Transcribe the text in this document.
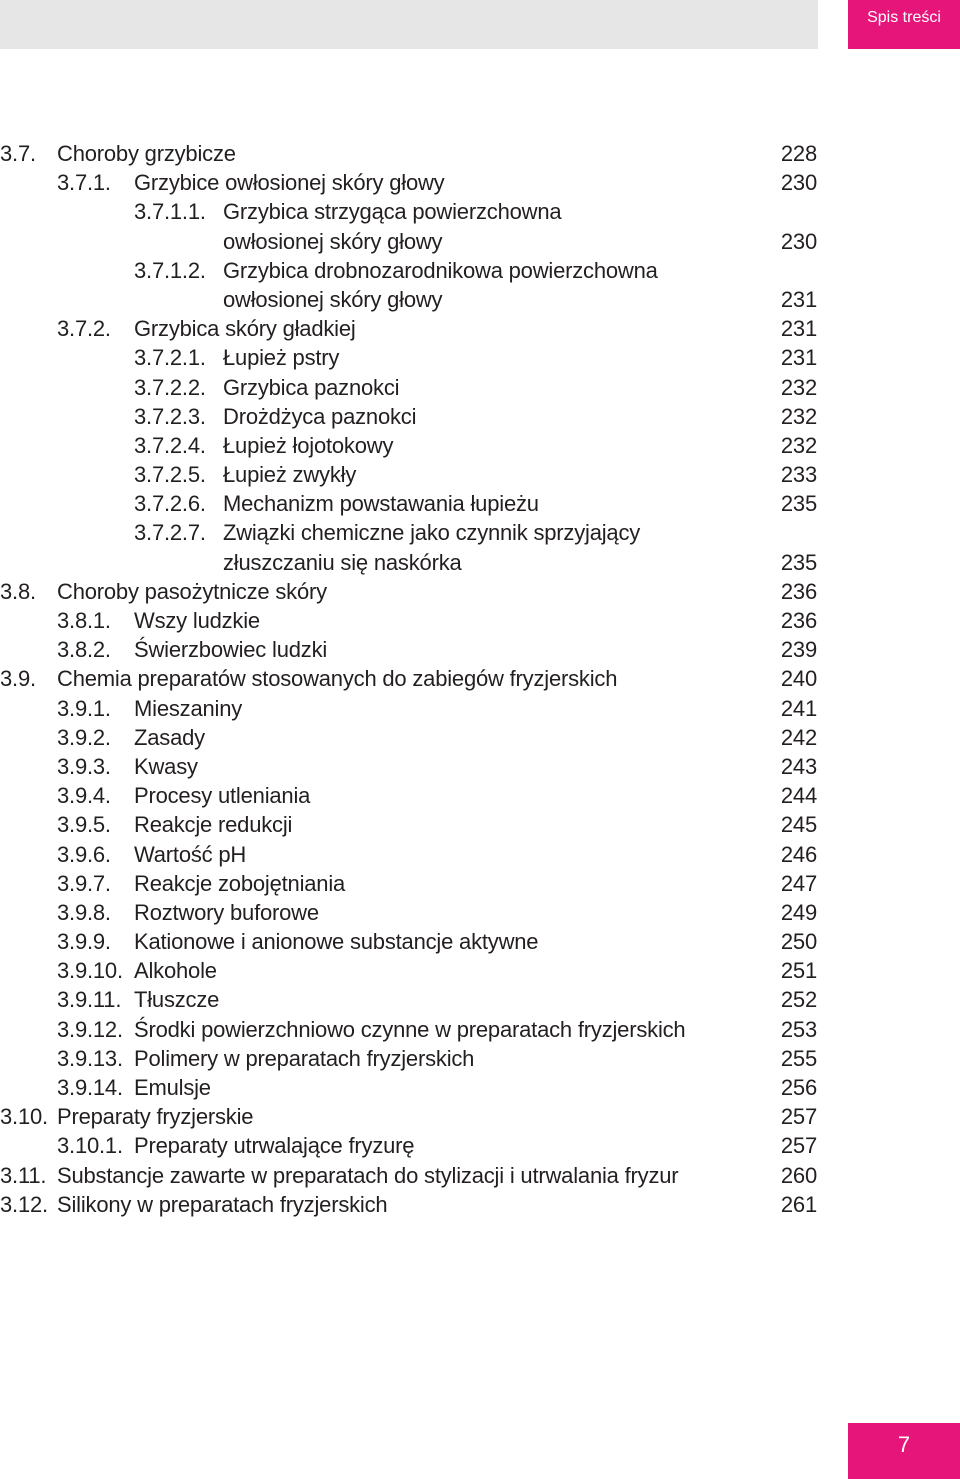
Spis treści
3.7. Choroby grzybicze	228
3.7.1. Grzybice owłosionej skóry głowy	230
3.7.1.1. Grzybica strzygąca powierzchowna
owłosionej skóry głowy	230
3.7.1.2. Grzybica drobnozarodnikowa powierzchowna
owłosionej skóry głowy	231
3.7.2. Grzybica skóry gładkiej	231
3.7.2.1. Łupież pstry	231
3.7.2.2. Grzybica paznokci	232
3.7.2.3. Drożdżyca paznokci	232
3.7.2.4. Łupież łojotokowy	232
3.7.2.5. Łupież zwykły	233
3.7.2.6. Mechanizm powstawania łupieżu	235
3.7.2.7. Związki chemiczne jako czynnik sprzyjający
złuszczaniu się naskórka	235
3.8. Choroby pasożytnicze skóry	236
3.8.1. Wszy ludzkie	236
3.8.2. Świerzbowiec ludzki	239
3.9. Chemia preparatów stosowanych do zabiegów fryzjerskich	240
3.9.1. Mieszaniny	241
3.9.2. Zasady	242
3.9.3. Kwasy	243
3.9.4. Procesy utleniania	244
3.9.5. Reakcje redukcji	245
3.9.6. Wartość pH	246
3.9.7. Reakcje zobojętniania	247
3.9.8. Roztwory buforowe	249
3.9.9. Kationowe i anionowe substancje aktywne	250
3.9.10. Alkohole	251
3.9.11. Tłuszcze	252
3.9.12. Środki powierzchniowo czynne w preparatach fryzjerskich	253
3.9.13. Polimery w preparatach fryzjerskich	255
3.9.14. Emulsje	256
3.10. Preparaty fryzjerskie	257
3.10.1. Preparaty utrwalające fryzurę	257
3.11. Substancje zawarte w preparatach do stylizacji i utrwalania fryzur	260
3.12. Silikony w preparatach fryzjerskich	261
7
